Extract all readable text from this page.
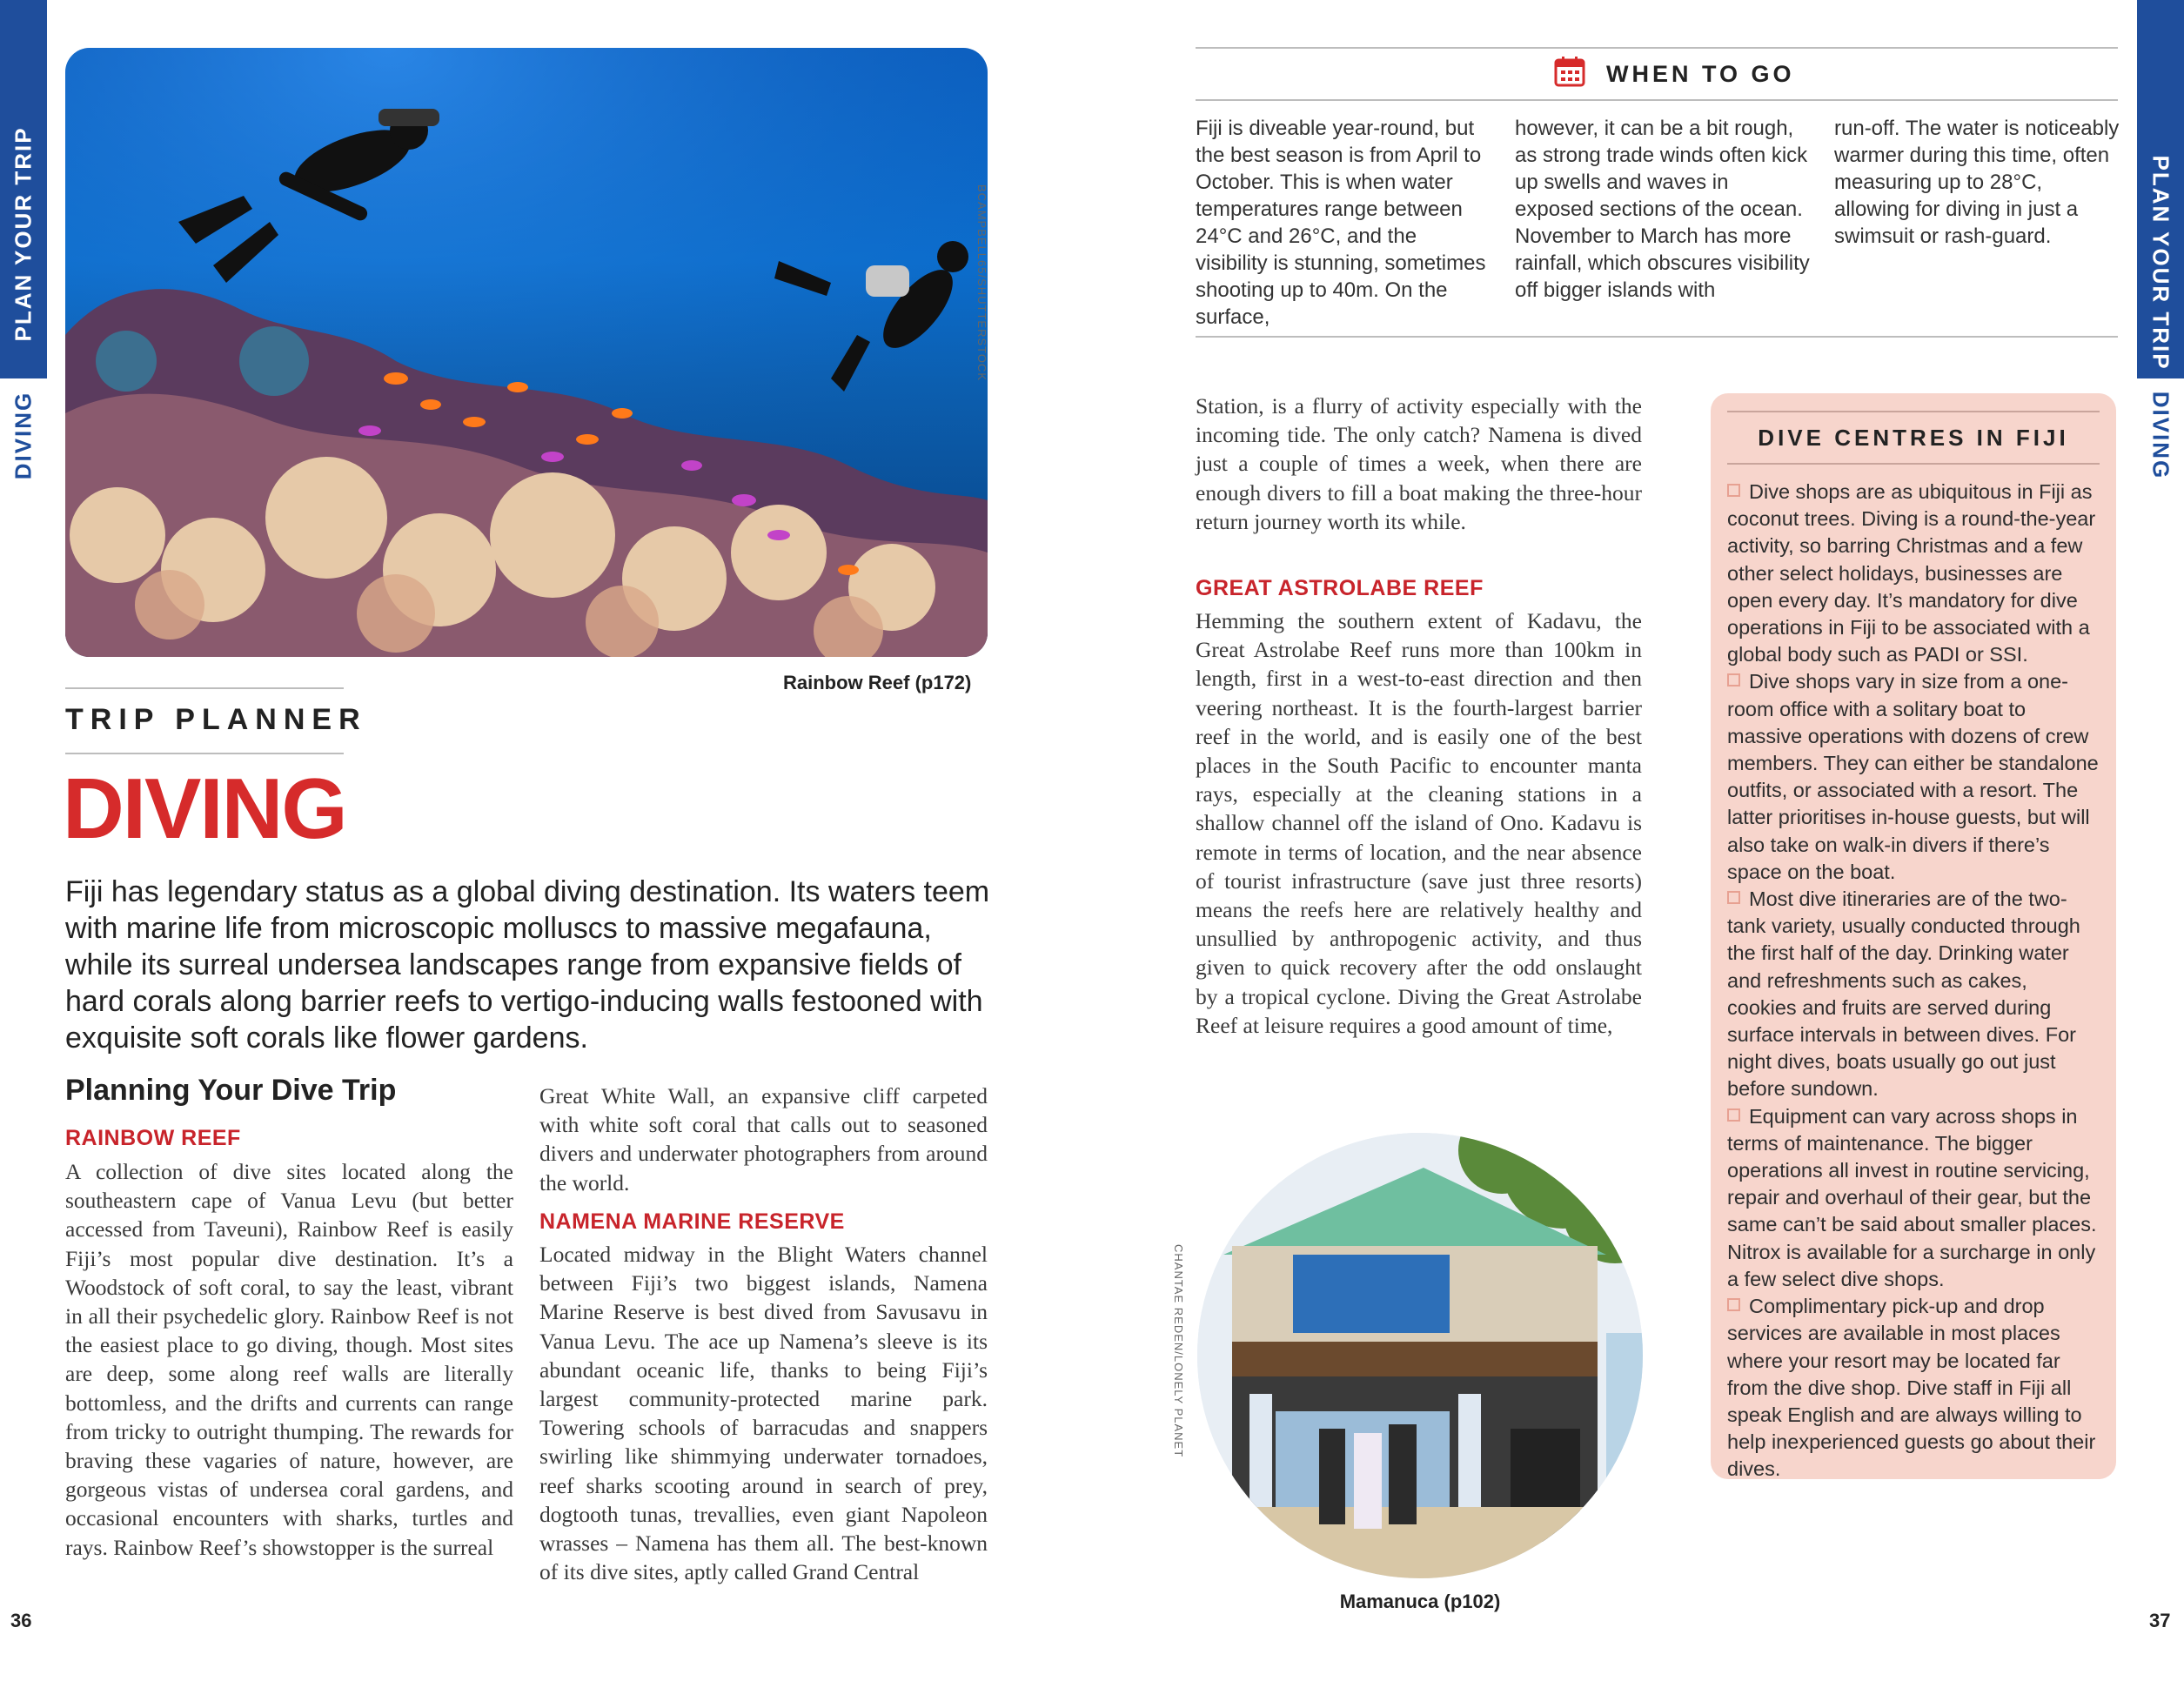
PLAN YOUR TRIP
DIVING
PLAN YOUR TRIP
DIVING
BCAMPBELL65/SHUTTERSTOCK
Rainbow Reef (p172)
TRIP PLANNER
DIVING
Fiji has legendary status as a global diving destination. Its waters teem with marine life from microscopic molluscs to massive megafauna, while its surreal undersea landscapes range from expansive fields of hard corals along barrier reefs to vertigo-inducing walls festooned with exquisite soft corals like flower gardens.
Planning Your Dive Trip
RAINBOW REEF
A collection of dive sites located along the southeastern cape of Vanua Levu (but better accessed from Taveuni), Rainbow Reef is easily Fiji’s most popular dive destination. It’s a Woodstock of soft coral, to say the least, vibrant in all their psychedelic glory. Rainbow Reef is not the easiest place to go diving, though. Most sites are deep, some along reef walls are literally bottomless, and the drifts and currents can range from tricky to outright thumping. The rewards for braving these vagaries of nature, however, are gorgeous vistas of undersea coral gardens, and occasional encounters with sharks, turtles and rays. Rainbow Reef’s showstopper is the surreal
Great White Wall, an expansive cliff carpeted with white soft coral that calls out to seasoned divers and underwater photographers from around the world.
NAMENA MARINE RESERVE
Located midway in the Blight Waters channel between Fiji’s two biggest islands, Namena Marine Reserve is best dived from Savusavu in Vanua Levu. The ace up Namena’s sleeve is its abundant oceanic life, thanks to being Fiji’s largest community-protected marine park. Towering schools of barracudas and snappers swirling like shimmying underwater tornadoes, reef sharks scooting around in search of prey, dogtooth tunas, trevallies, even giant Napoleon wrasses – Namena has them all. The best-known of its dive sites, aptly called Grand Central
36
WHEN TO GO
Fiji is diveable year-round, but the best season is from April to October. This is when water temperatures range between 24°C and 26°C, and the visibility is stunning, sometimes shooting up to 40m. On the surface,
however, it can be a bit rough, as strong trade winds often kick up swells and waves in exposed sections of the ocean. November to March has more rainfall, which obscures visibility off bigger islands with
run-off. The water is noticeably warmer during this time, often measuring up to 28°C, allowing for diving in just a swimsuit or rash-guard.
Station, is a flurry of activity especially with the incoming tide. The only catch? Namena is dived just a couple of times a week, when there are enough divers to fill a boat making the three-hour return journey worth its while.
GREAT ASTROLABE REEF
Hemming the southern extent of Kadavu, the Great Astrolabe Reef runs more than 100km in length, first in a west-to-east direction and then veering northeast. It is the fourth-largest barrier reef in the world, and is easily one of the best places in the South Pacific to encounter manta rays, especially at the cleaning stations in a shallow channel off the island of Ono. Kadavu is remote in terms of location, and the near absence of tourist infrastructure (save just three resorts) means the reefs here are relatively healthy and unsullied by anthropogenic activity, and thus given to quick recovery after the odd onslaught by a tropical cyclone. Diving the Great Astrolabe Reef at leisure requires a good amount of time,
CHANTAE REDEN/LONELY PLANET
Mamanuca (p102)
DIVE CENTRES IN FIJI
Dive shops are as ubiquitous in Fiji as coconut trees. Diving is a round-the-year activity, so barring Christmas and a few other select holidays, businesses are open every day. It’s mandatory for dive operations in Fiji to be associated with a global body such as PADI or SSI.
Dive shops vary in size from a one-room office with a solitary boat to massive operations with dozens of crew members. They can either be standalone outfits, or associated with a resort. The latter prioritises in-house guests, but will also take on walk-in divers if there’s space on the boat.
Most dive itineraries are of the two-tank variety, usually conducted through the first half of the day. Drinking water and refreshments such as cakes, cookies and fruits are served during surface intervals in between dives. For night dives, boats usually go out just before sundown.
Equipment can vary across shops in terms of maintenance. The bigger operations all invest in routine servicing, repair and overhaul of their gear, but the same can’t be said about smaller places. Nitrox is available for a surcharge in only a few select dive shops.
Complimentary pick-up and drop services are available in most places where your resort may be located far from the dive shop. Dive staff in Fiji all speak English and are always willing to help inexperienced guests go about their dives.
37
